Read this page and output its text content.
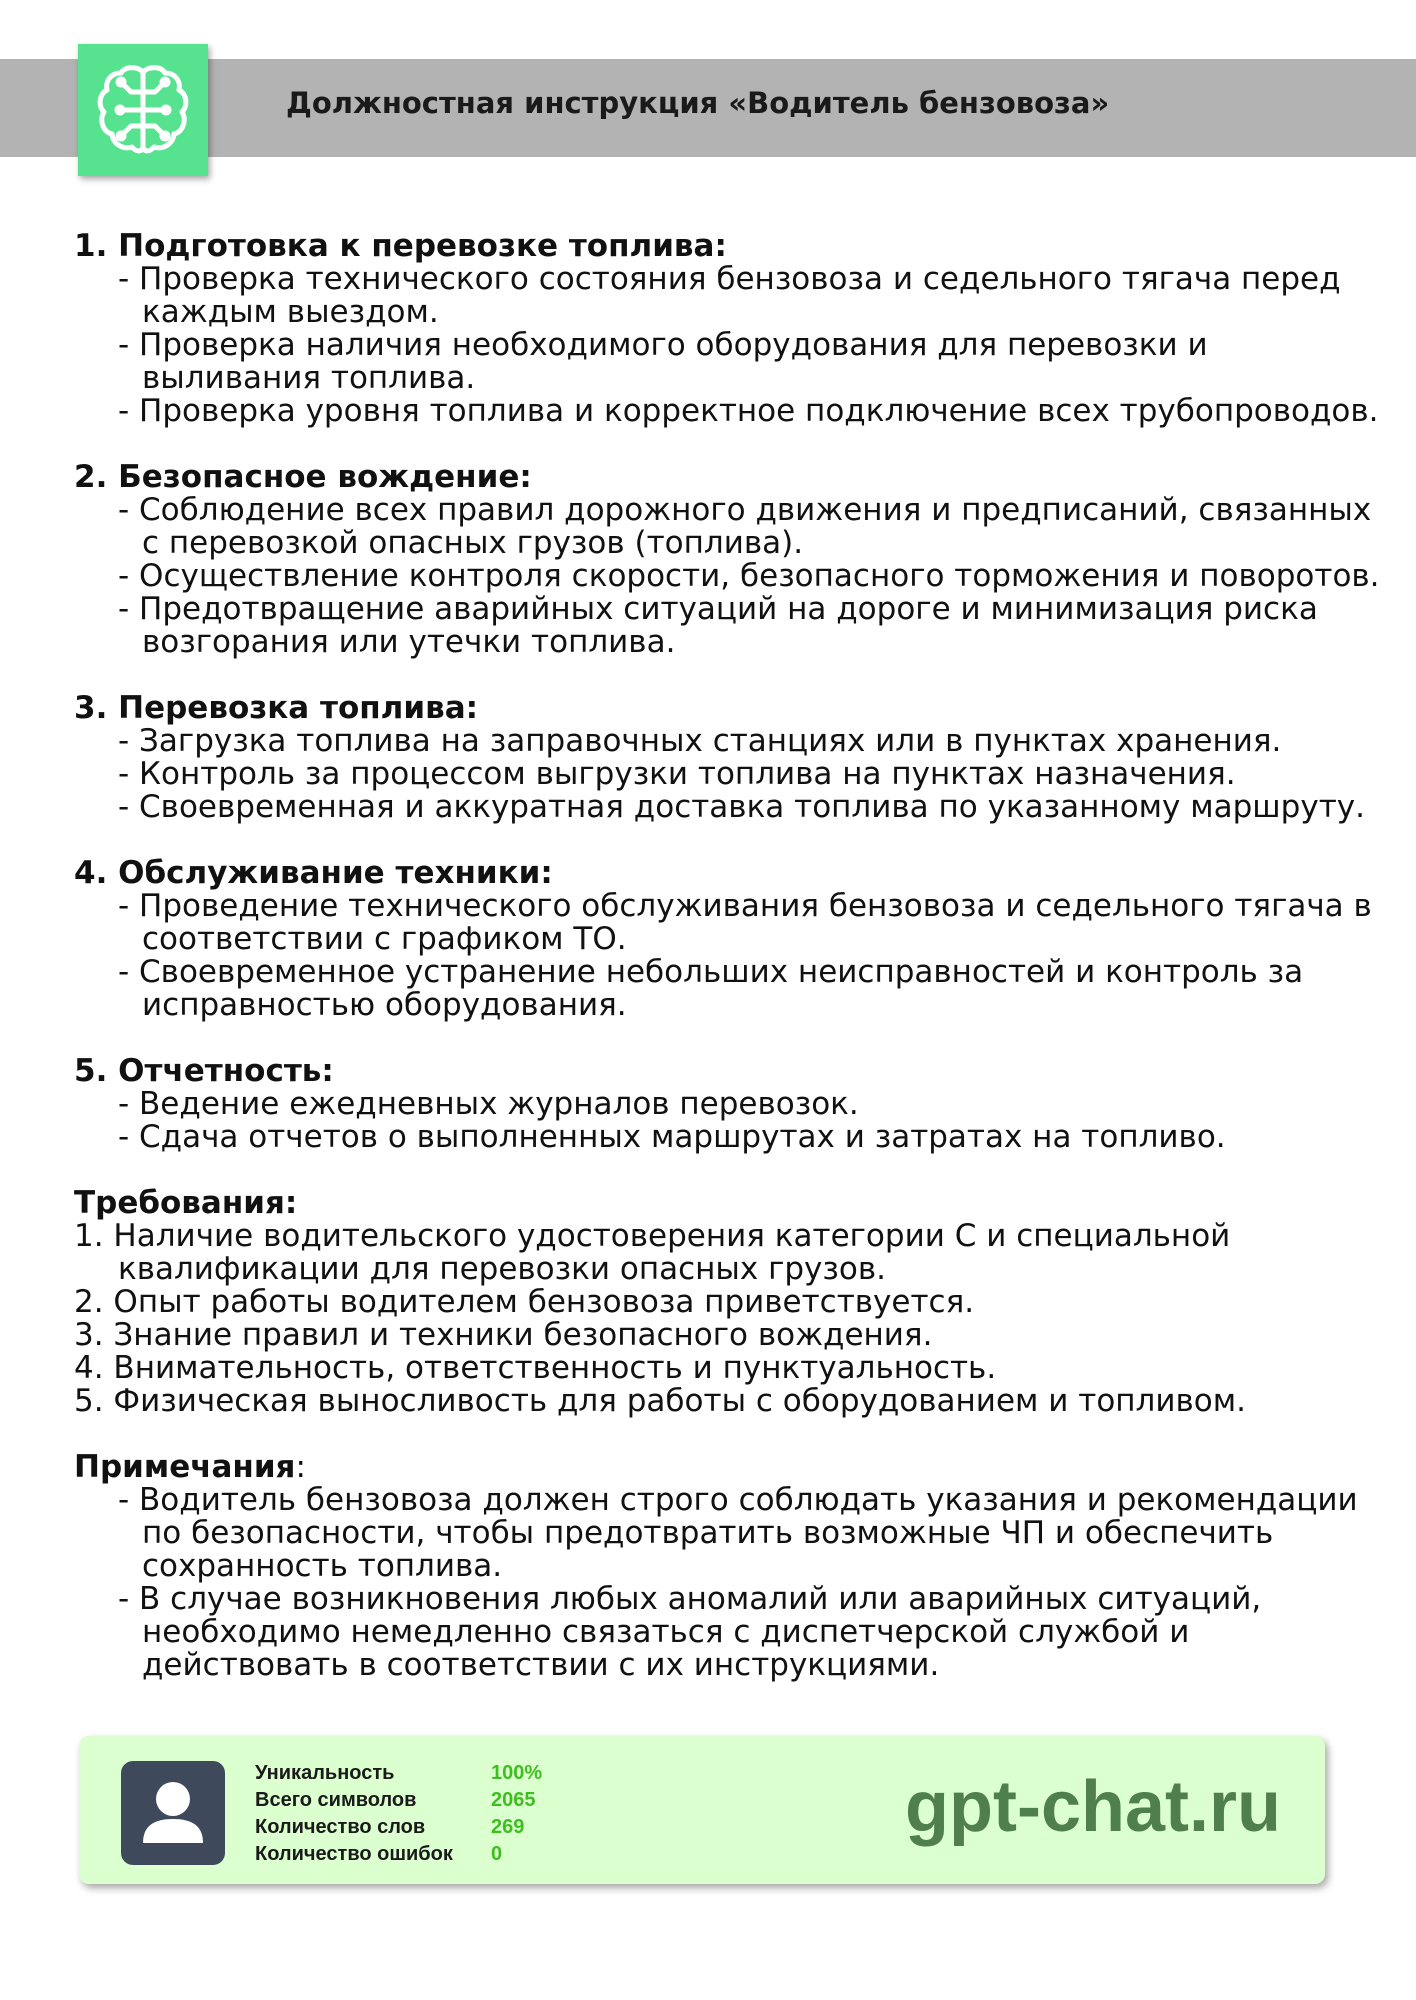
Должностная инструкция «Водитель бензовоза»
1. Подготовка к перевозке топлива:
- Проверка технического состояния бензовоза и седельного тягача перед каждым выездом.
- Проверка наличия необходимого оборудования для перевозки и выливания топлива.
- Проверка уровня топлива и корректное подключение всех трубопроводов.
2. Безопасное вождение:
- Соблюдение всех правил дорожного движения и предписаний, связанных с перевозкой опасных грузов (топлива).
- Осуществление контроля скорости, безопасного торможения и поворотов.
- Предотвращение аварийных ситуаций на дороге и минимизация риска возгорания или утечки топлива.
3. Перевозка топлива:
- Загрузка топлива на заправочных станциях или в пунктах хранения.
- Контроль за процессом выгрузки топлива на пунктах назначения.
- Своевременная и аккуратная доставка топлива по указанному маршруту.
4. Обслуживание техники:
- Проведение технического обслуживания бензовоза и седельного тягача в соответствии с графиком ТО.
- Своевременное устранение небольших неисправностей и контроль за исправностью оборудования.
5. Отчетность:
- Ведение ежедневных журналов перевозок.
- Сдача отчетов о выполненных маршрутах и затратах на топливо.
Требования:
1. Наличие водительского удостоверения категории С и специальной квалификации для перевозки опасных грузов.
2. Опыт работы водителем бензовоза приветствуется.
3. Знание правил и техники безопасного вождения.
4. Внимательность, ответственность и пунктуальность.
5. Физическая выносливость для работы с оборудованием и топливом.
Примечания:
- Водитель бензовоза должен строго соблюдать указания и рекомендации по безопасности, чтобы предотвратить возможные ЧП и обеспечить сохранность топлива.
- В случае возникновения любых аномалий или аварийных ситуаций, необходимо немедленно связаться с диспетчерской службой и действовать в соответствии с их инструкциями.
Уникальность	100%
Всего символов	2065
Количество слов	269
Количество ошибок	0
gpt-chat.ru
